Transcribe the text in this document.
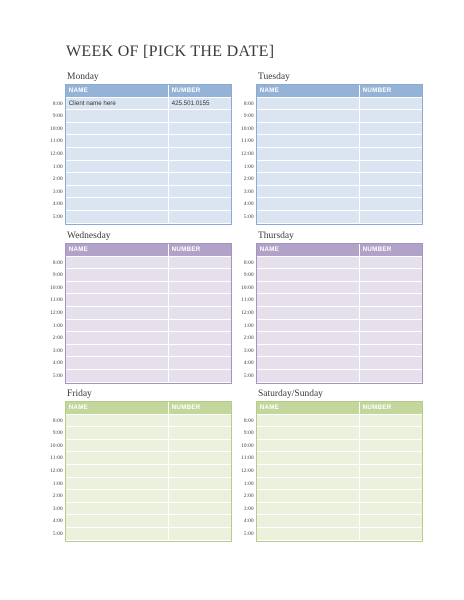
WEEK OF [PICK THE DATE]
Monday
NAME	NUMBER
8:00 Client name here	425.501.0155
9:00
10:00
11:00
12:00
1:00
2:00
3:00
4:00
5:00
Tuesday
NAME	NUMBER
8:00
9:00
10:00
11:00
12:00
1:00
2:00
3:00
4:00
5:00
Wednesday
NAME	NUMBER
8:00
9:00
10:00
11:00
12:00
1:00
2:00
3:00
4:00
5:00
Thursday
NAME	NUMBER
8:00
9:00
10:00
11:00
12:00
1:00
2:00
3:00
4:00
5:00
Friday
NAME	NUMBER
8:00
9:00
10:00
11:00
12:00
1:00
2:00
3:00
4:00
5:00
Saturday/Sunday
NAME	NUMBER
8:00
9:00
10:00
11:00
12:00
1:00
2:00
3:00
4:00
5:00
